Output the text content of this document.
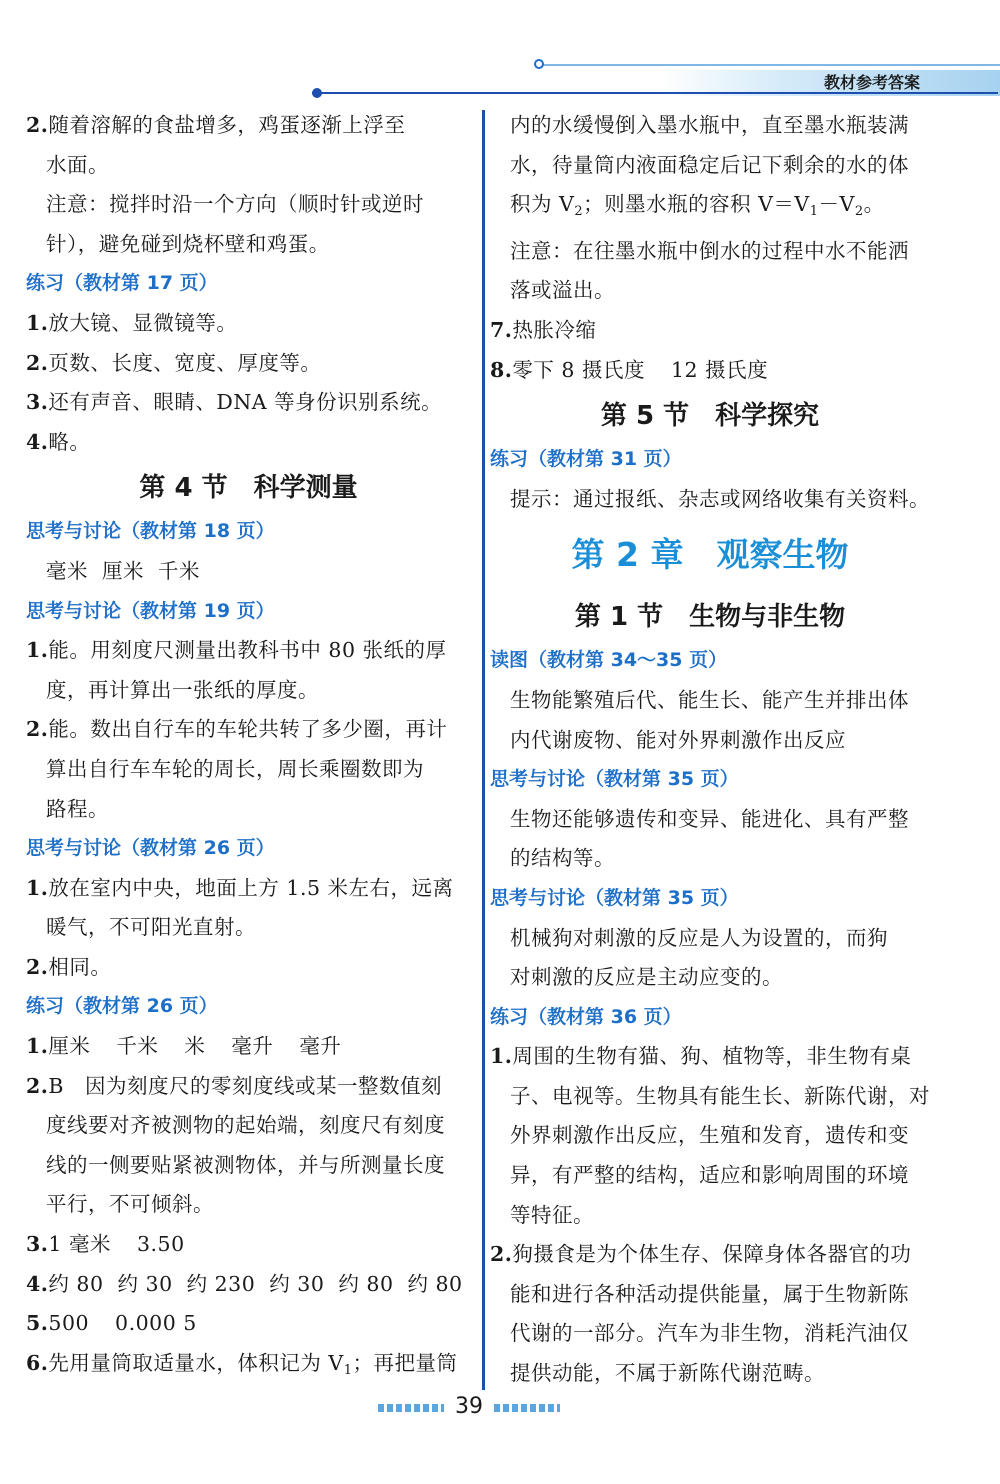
教材参考答案

2.随着溶解的食盐增多，鸡蛋逐渐上浮至

水面。

注意：搅拌时沿一个方向（顺时针或逆时

针），避免碰到烧杯壁和鸡蛋。

练习（教材第 17 页）

1.放大镜、显微镜等。

2.页数、长度、宽度、厚度等。

3.还有声音、眼睛、DNA 等身份识别系统。

4.略。

第 4 节　科学测量

思考与讨论（教材第 18 页）

毫米 厘米 千米

思考与讨论（教材第 19 页）

1.能。用刻度尺测量出教科书中 80 张纸的厚

度，再计算出一张纸的厚度。

2.能。数出自行车的车轮共转了多少圈，再计

算出自行车车轮的周长，周长乘圈数即为

路程。

思考与讨论（教材第 26 页）

1.放在室内中央，地面上方 1.5 米左右，远离

暖气，不可阳光直射。

2.相同。

练习（教材第 26 页）

1.厘米 千米 米 毫升 毫升

2.B　因为刻度尺的零刻度线或某一整数值刻

度线要对齐被测物的起始端，刻度尺有刻度

线的一侧要贴紧被测物体，并与所测量长度

平行，不可倾斜。

3.1 毫米 3.50

4.约 80 约 30 约 230 约 30 约 80 约 80

5.500 0.000 5

6.先用量筒取适量水，体积记为 $V_1$；再把量筒

内的水缓慢倒入墨水瓶中，直至墨水瓶装满

水，待量筒内液面稳定后记下剩余的水的体

积为 $V_2$；则墨水瓶的容积 $V=V_1-V_2$。

注意：在往墨水瓶中倒水的过程中水不能洒

落或溢出。

7.热胀冷缩

8.零下 8 摄氏度 12 摄氏度

第 5 节　科学探究

练习（教材第 31 页）

提示：通过报纸、杂志或网络收集有关资料。

第 2 章　观察生物

第 1 节　生物与非生物

读图（教材第 34～35 页）

生物能繁殖后代、能生长、能产生并排出体

内代谢废物、能对外界刺激作出反应

思考与讨论（教材第 35 页）

生物还能够遗传和变异、能进化、具有严整

的结构等。

思考与讨论（教材第 35 页）

机械狗对刺激的反应是人为设置的，而狗

对刺激的反应是主动应变的。

练习（教材第 36 页）

1.周围的生物有猫、狗、植物等，非生物有桌

子、电视等。生物具有能生长、新陈代谢，对

外界刺激作出反应，生殖和发育，遗传和变

异，有严整的结构，适应和影响周围的环境

等特征。

2.狗摄食是为个体生存、保障身体各器官的功

能和进行各种活动提供能量，属于生物新陈

代谢的一部分。汽车为非生物，消耗汽油仅

提供动能，不属于新陈代谢范畴。

39
